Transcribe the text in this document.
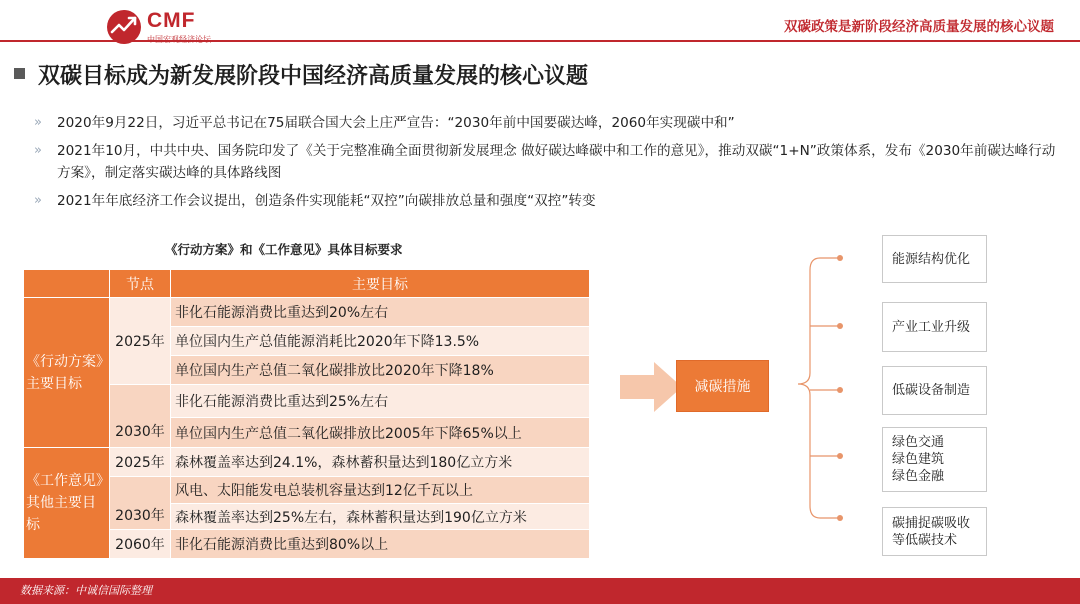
CMF	双碳政策是新阶段经济高质量发展的核心议题
双碳目标成为新发展阶段中国经济高质量发展的核心议题
» 2020年9月22日，习近平总书记在75届联合国大会上庄严宣告：“2030年前中国要碳达峰，2060年实现碳中和”
» 2021年10月，中共中央、国务院印发了《关于完整准确全面贯彻新发展理念 做好碳达峰碳中和工作的意见》，推动双碳“1+N”政策体系，发布《2030年前碳达峰行动方案》，制定落实碳达峰的具体路线图
» 2021年年底经济工作会议提出，创造条件实现能耗“双控”向碳排放总量和强度“双控”转变
《行动方案》和《工作意见》具体目标要求
节点	主要目标
《行动方案》主要目标
《工作意见》其他主要目标
2025年
2030年
2025年
2030年
2060年
非化石能源消费比重达到20%左右
单位国内生产总值能源消耗比2020年下降13.5%
单位国内生产总值二氧化碳排放比2020年下降18%
非化石能源消费比重达到25%左右
单位国内生产总值二氧化碳排放比2005年下降65%以上
森林覆盖率达到24.1%，森林蓄积量达到180亿立方米
风电、太阳能发电总装机容量达到12亿千瓦以上
森林覆盖率达到25%左右，森林蓄积量达到190亿立方米
非化石能源消费比重达到80%以上
减碳措施
能源结构优化
产业工业升级
低碳设备制造
绿色交通
绿色建筑
绿色金融
碳捕捉碳吸收
等低碳技术
数据来源：中诚信国际整理
